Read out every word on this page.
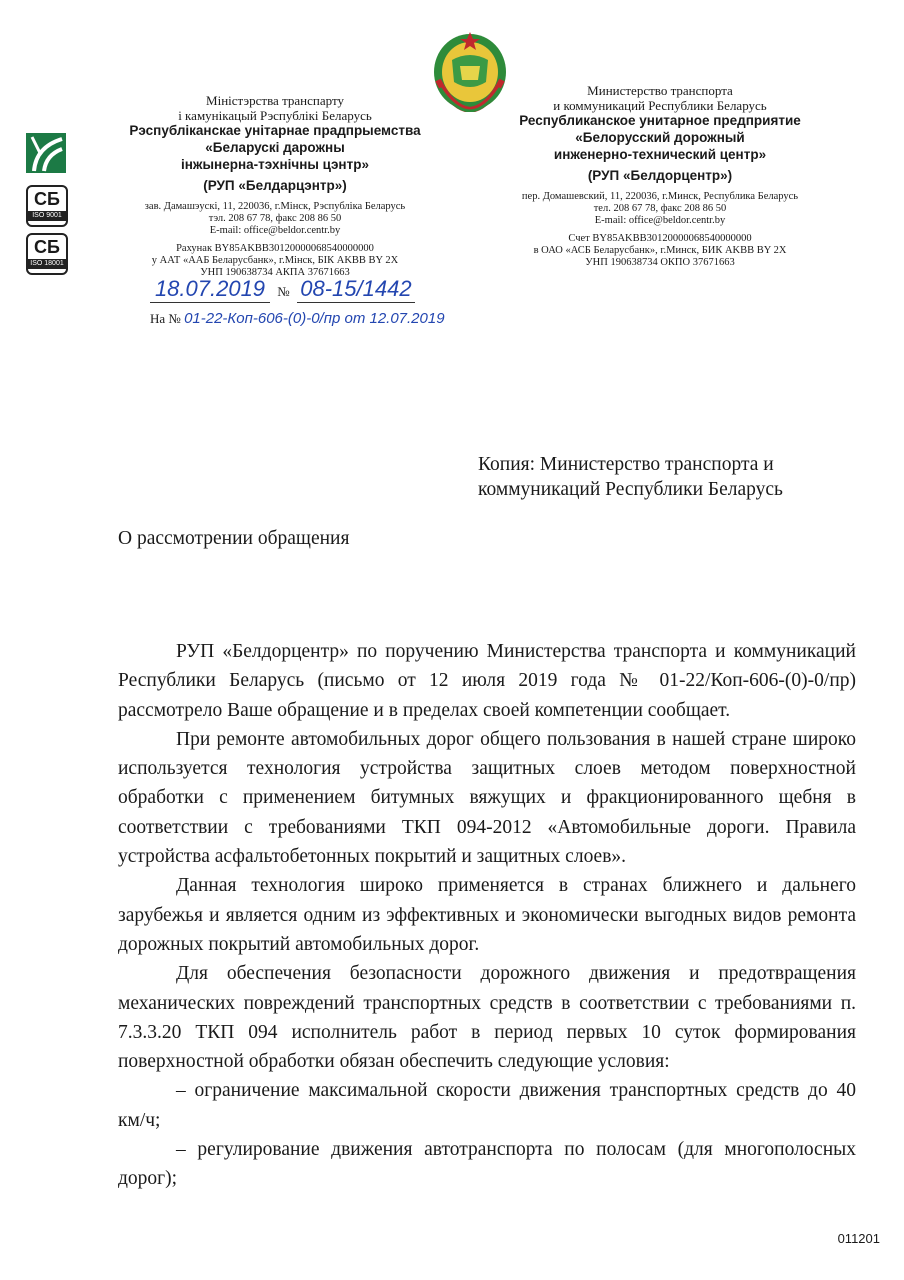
СБ
ISO 9001
СБ
ISO 18001
Міністэрства транспарту
і камунікацый Рэспублікі Беларусь
Рэспубліканскае унітарнае прадпрыемства
«Беларускі дарожны
інжынерна-тэхнічны цэнтр»
(РУП «Белдарцэнтр»)
зав. Дамашэускі, 11, 220036, г.Мінск, Рэспубліка Беларусь
тэл. 208 67 78, факс 208 86 50
E-mail: office@beldor.centr.by
Рахунак BY85AKBB30120000068540000000
у ААТ «ААБ Беларусбанк», г.Мінск, БІК AKBB BY 2X
УНП 190638734 АКПА 37671663
Министерство транспорта
и коммуникаций Республики Беларусь
Республиканское унитарное предприятие
«Белорусский дорожный
инженерно-технический центр»
(РУП «Белдорцентр»)
пер. Домашевский, 11, 220036, г.Минск, Республика Беларусь
тел. 208 67 78, факс 208 86 50
E-mail: office@beldor.centr.by
Счет BY85AKBB30120000068540000000
в ОАО «АСБ Беларусбанк», г.Минск, БИК AKBB BY 2X
УНП 190638734 ОКПО 37671663
18.07.2019 № 08-15/1442
На № 01-22-Коп-606-(0)-0/пр от 12.07.2019
Копия: Министерство транспорта и
коммуникаций Республики Беларусь
О рассмотрении обращения

РУП «Белдорцентр» по поручению Министерства транспорта и коммуникаций Республики Беларусь (письмо от 12 июля 2019 года № 01-22/Коп-606-(0)-0/пр) рассмотрело Ваше обращение и в пределах своей компетенции сообщает.

При ремонте автомобильных дорог общего пользования в нашей стране широко используется технология устройства защитных слоев методом поверхностной обработки с применением битумных вяжущих и фракционированного щебня в соответствии с требованиями ТКП 094-2012 «Автомобильные дороги. Правила устройства асфальтобетонных покрытий и защитных слоев».

Данная технология широко применяется в странах ближнего и дальнего зарубежья и является одним из эффективных и экономически выгодных видов ремонта дорожных покрытий автомобильных дорог.

Для обеспечения безопасности дорожного движения и предотвращения механических повреждений транспортных средств в соответствии с требованиями п. 7.3.3.20 ТКП 094 исполнитель работ в период первых 10 суток формирования поверхностной обработки обязан обеспечить следующие условия:

– ограничение максимальной скорости движения транспортных средств до 40 км/ч;

– регулирование движения автотранспорта по полосам (для многополосных дорог);

011201
